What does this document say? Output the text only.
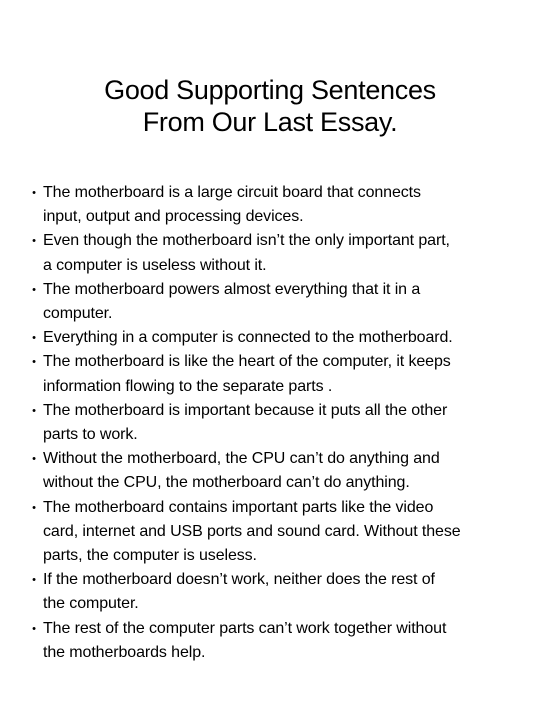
Good Supporting Sentences
From Our Last Essay.
•
The motherboard is a large circuit board that connects
input, output and processing devices.
•
Even though the motherboard isn’t the only important part,
a computer is useless without it.
•
The motherboard powers almost everything that it in a
computer.
•
Everything in a computer is connected to the motherboard.
•
The motherboard is like the heart of the computer, it keeps
information flowing to the separate parts .
•
The motherboard is important because it puts all the other
parts to work.
•
Without the motherboard, the CPU can’t do anything and
without the CPU, the motherboard can’t do anything.
•
The motherboard contains important parts like the video
card, internet and USB ports and sound card. Without these
parts, the computer is useless.
•
If the motherboard doesn’t work, neither does the rest of
the computer.
•
The rest of the computer parts can’t work together without
the motherboards help.
